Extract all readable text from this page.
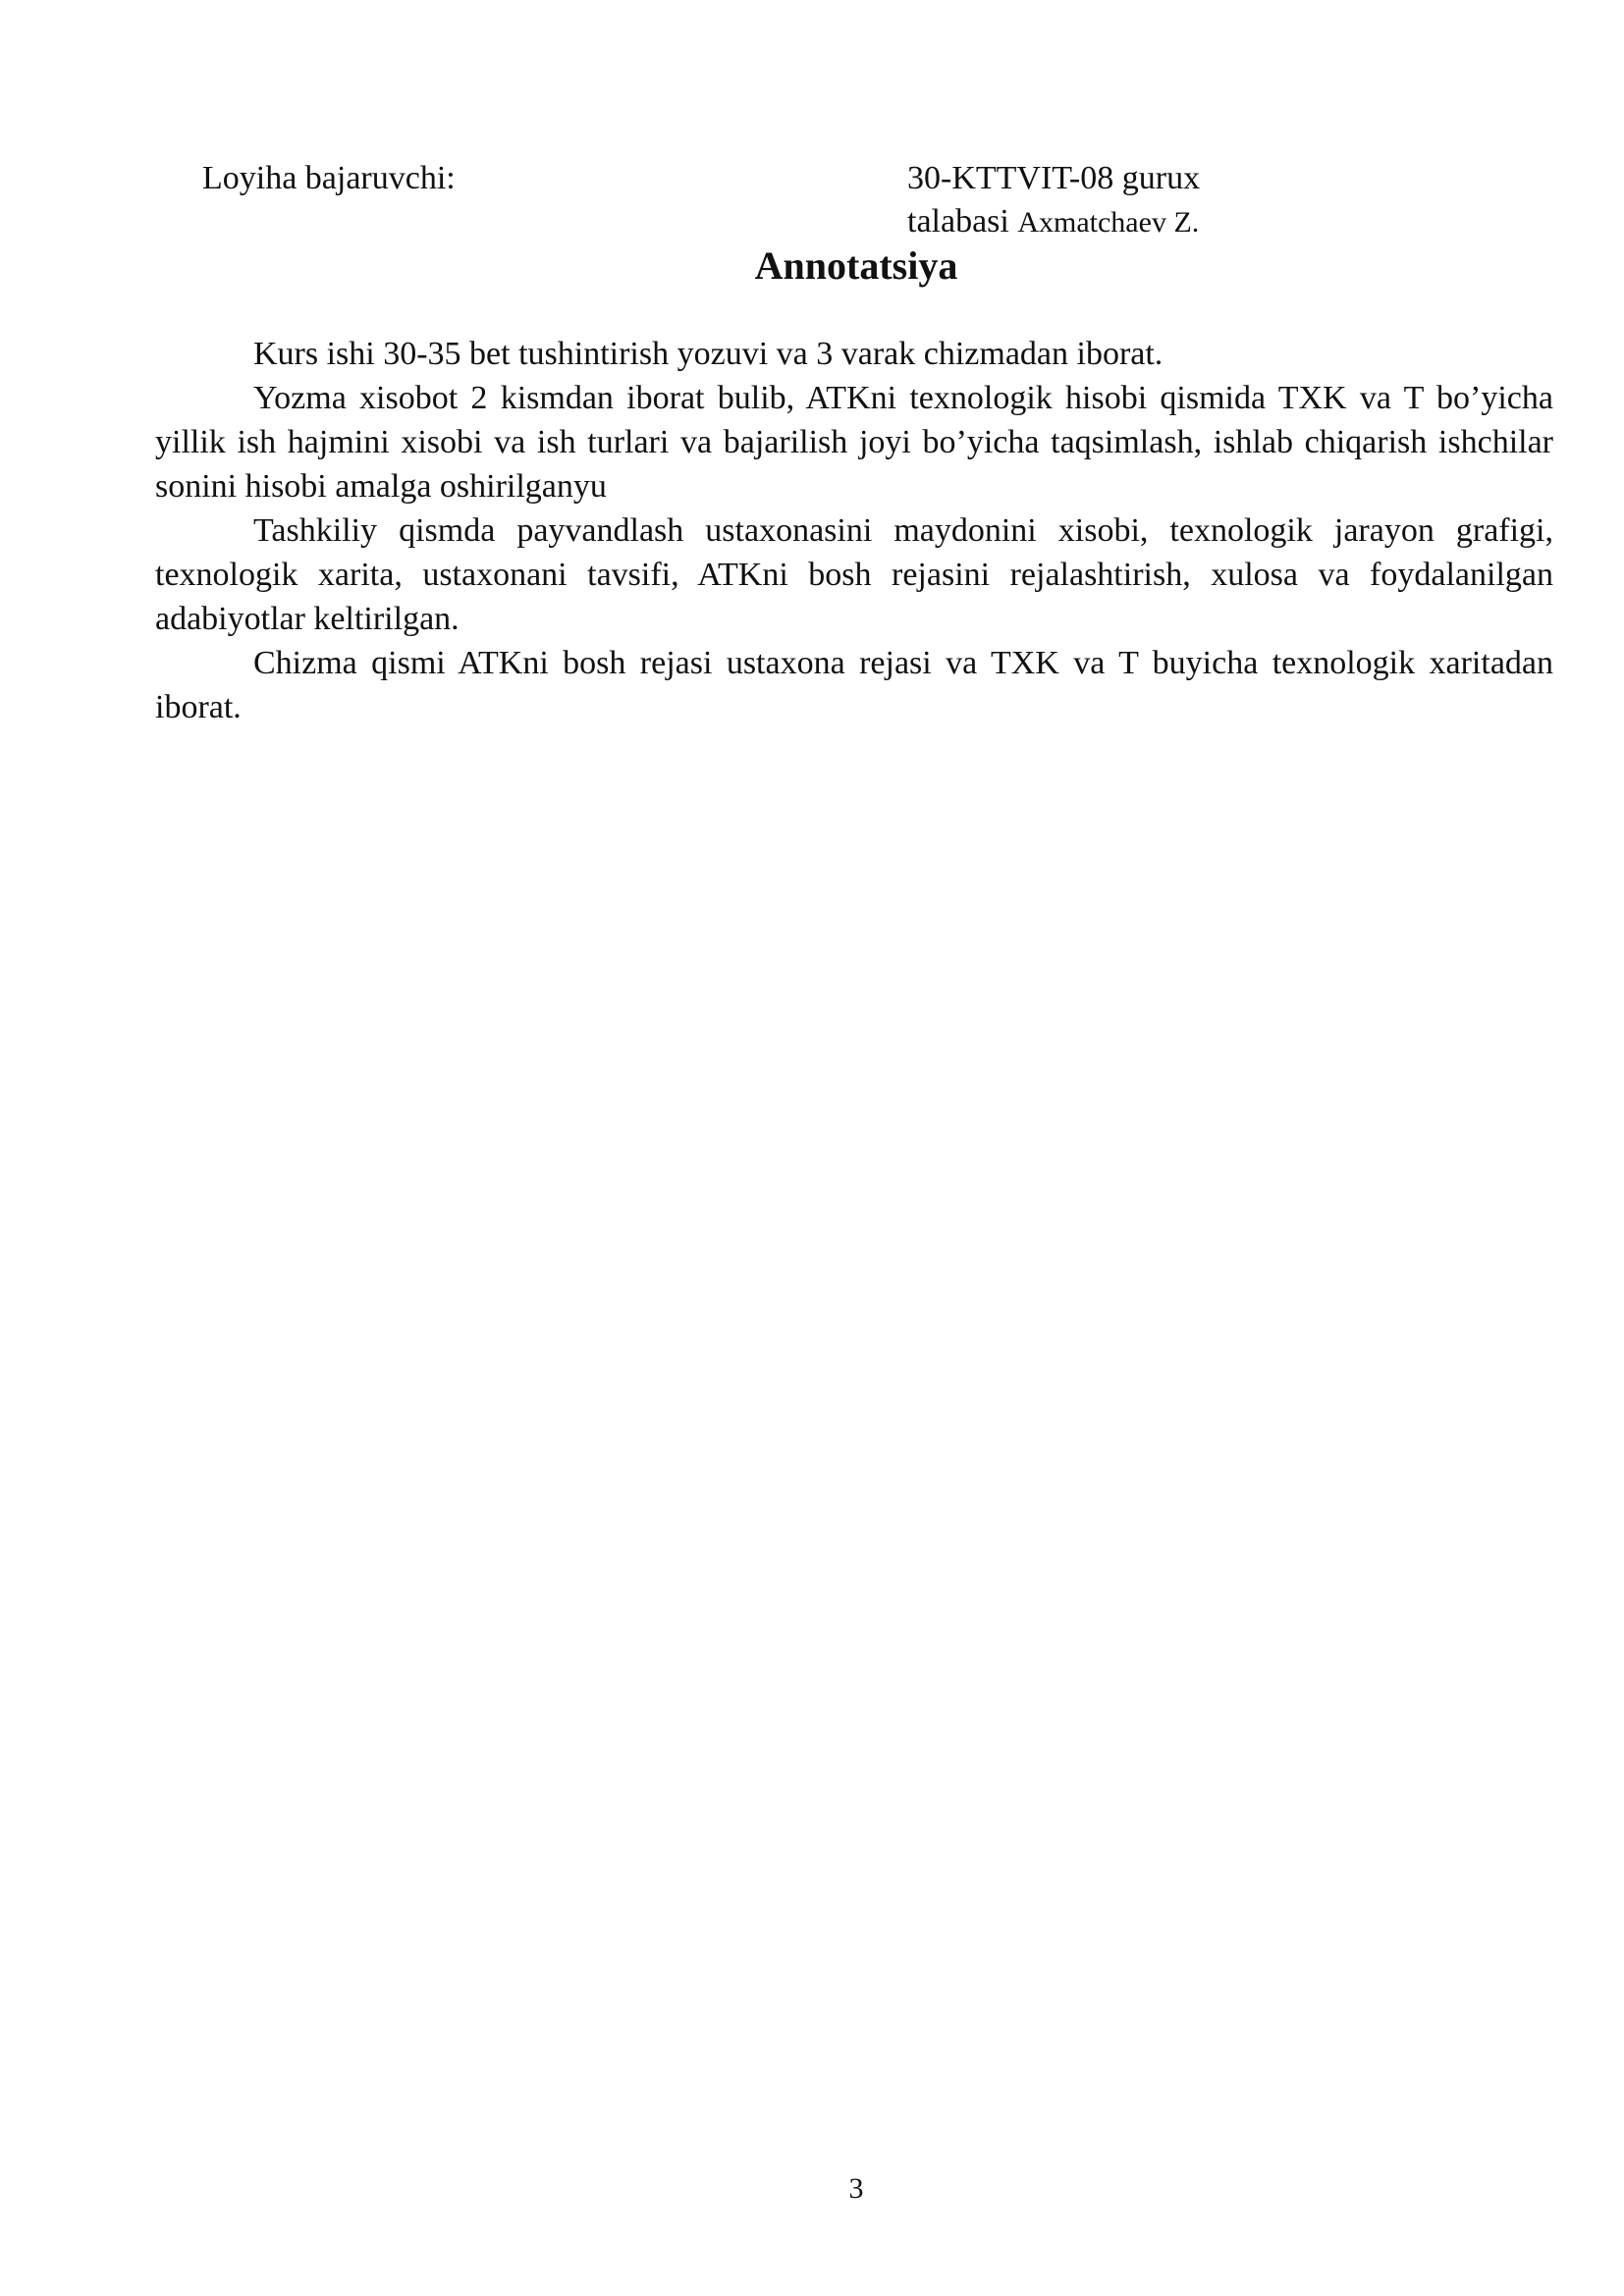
Loyiha bajaruvchi:	30-KTTVIT-08 gurux
talabasi Axmatchaev Z.
Annotatsiya

Kurs ishi 30-35 bet tushintirish yozuvi va 3 varak chizmadan iborat.

Yozma xisobot 2 kismdan iborat bulib, ATKni texnologik hisobi qismida TXK va T bo’yicha yillik ish hajmini xisobi va ish turlari va bajarilish joyi bo’yicha taqsimlash, ishlab chiqarish ishchilar sonini hisobi amalga oshirilganyu

Tashkiliy qismda payvandlash ustaxonasini maydonini xisobi, texnologik jarayon grafigi, texnologik xarita, ustaxonani tavsifi, ATKni bosh rejasini rejalashtirish, xulosa va foydalanilgan adabiyotlar keltirilgan.

Chizma qismi ATKni bosh rejasi ustaxona rejasi va TXK va T buyicha texnologik xaritadan iborat.

3
